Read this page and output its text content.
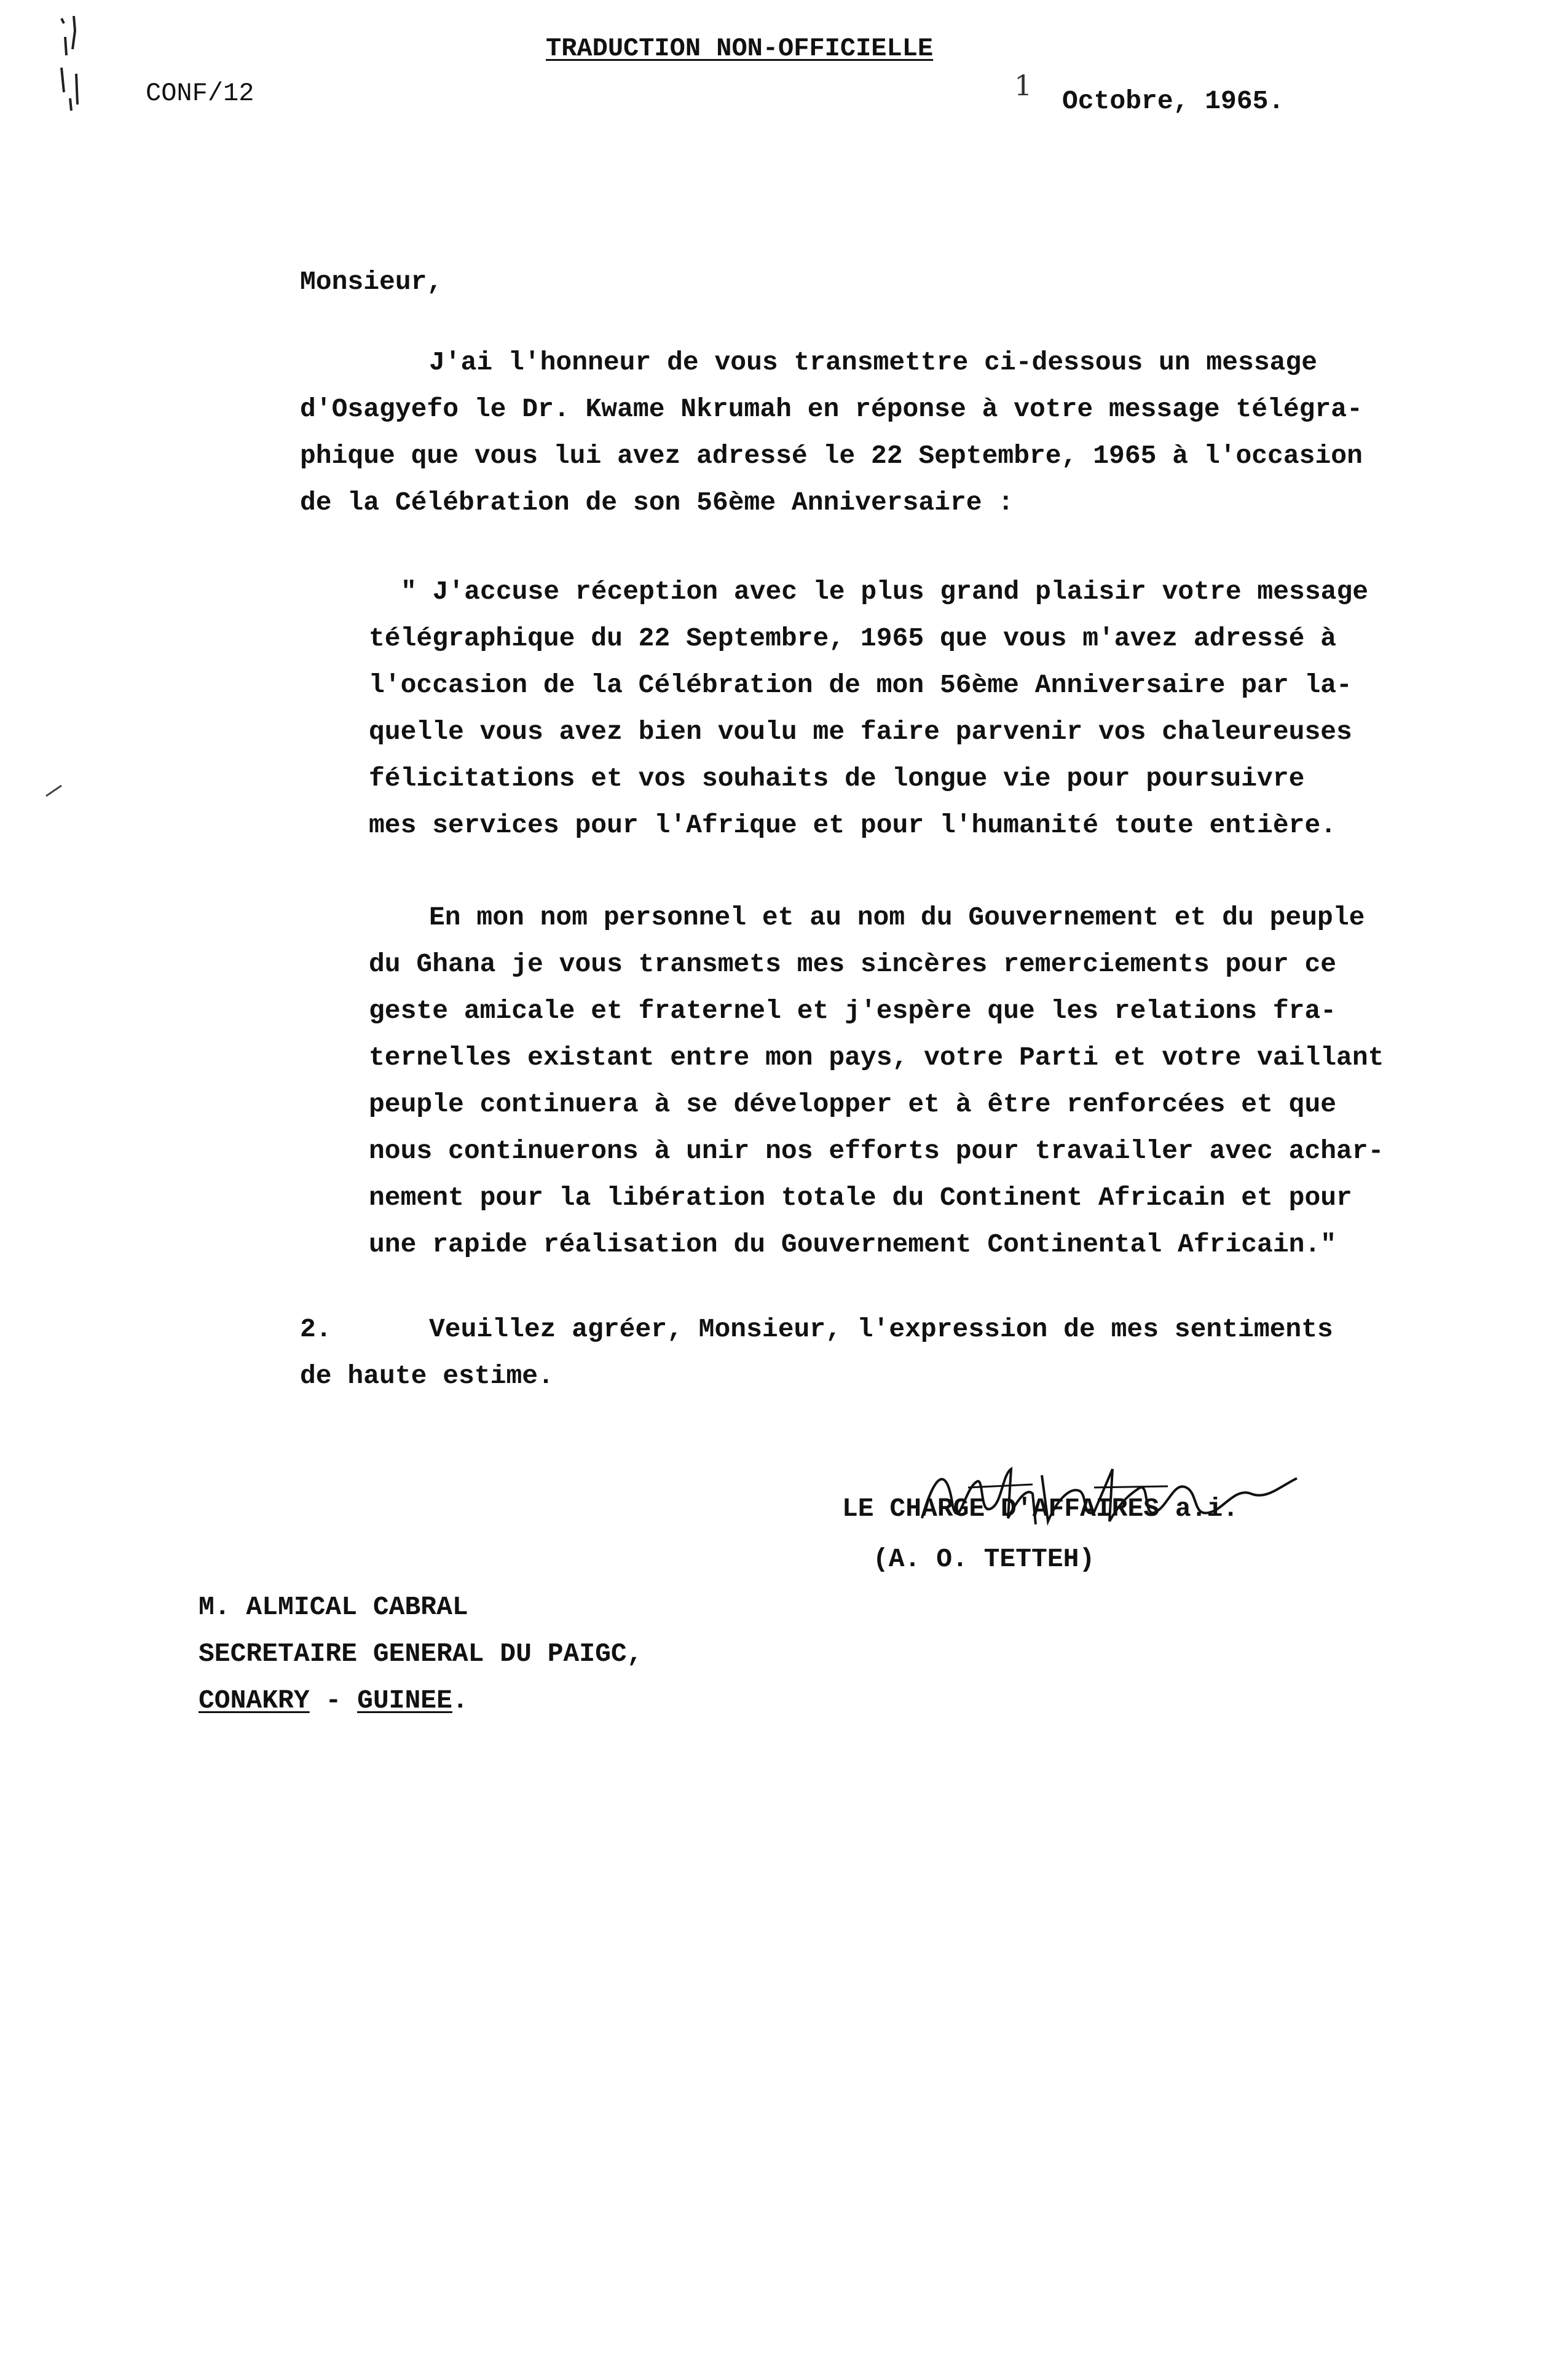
TRADUCTION NON-OFFICIELLE
CONF/12	1 Octobre, 1965.
Monsieur,
J'ai l'honneur de vous transmettre ci-dessous un message
d'Osagyefo le Dr. Kwame Nkrumah en réponse à votre message télégra-
phique que vous lui avez adressé le 22 Septembre, 1965 à l'occasion
de la Célébration de son 56ème Anniversaire :
" J'accuse réception avec le plus grand plaisir votre message
télégraphique du 22 Septembre, 1965 que vous m'avez adressé à
l'occasion de la Célébration de mon 56ème Anniversaire par la-
quelle vous avez bien voulu me faire parvenir vos chaleureuses
félicitations et vos souhaits de longue vie pour poursuivre
mes services pour l'Afrique et pour l'humanité toute entière.
En mon nom personnel et au nom du Gouvernement et du peuple
du Ghana je vous transmets mes sincères remerciements pour ce
geste amicale et fraternel et j'espère que les relations fra-
ternelles existant entre mon pays, votre Parti et votre vaillant
peuple continuera à se développer et à être renforcées et que
nous continuerons à unir nos efforts pour travailler avec achar-
nement pour la libération totale du Continent Africain et pour
une rapide réalisation du Gouvernement Continental Africain."
2.	Veuillez agréer, Monsieur, l'expression de mes sentiments
de haute estime.
LE CHARGE D'AFFAIRES a.i.
(A. O. TETTEH)
M. ALMICAL CABRAL
SECRETAIRE GENERAL DU PAIGC,
CONAKRY - GUINEE.
